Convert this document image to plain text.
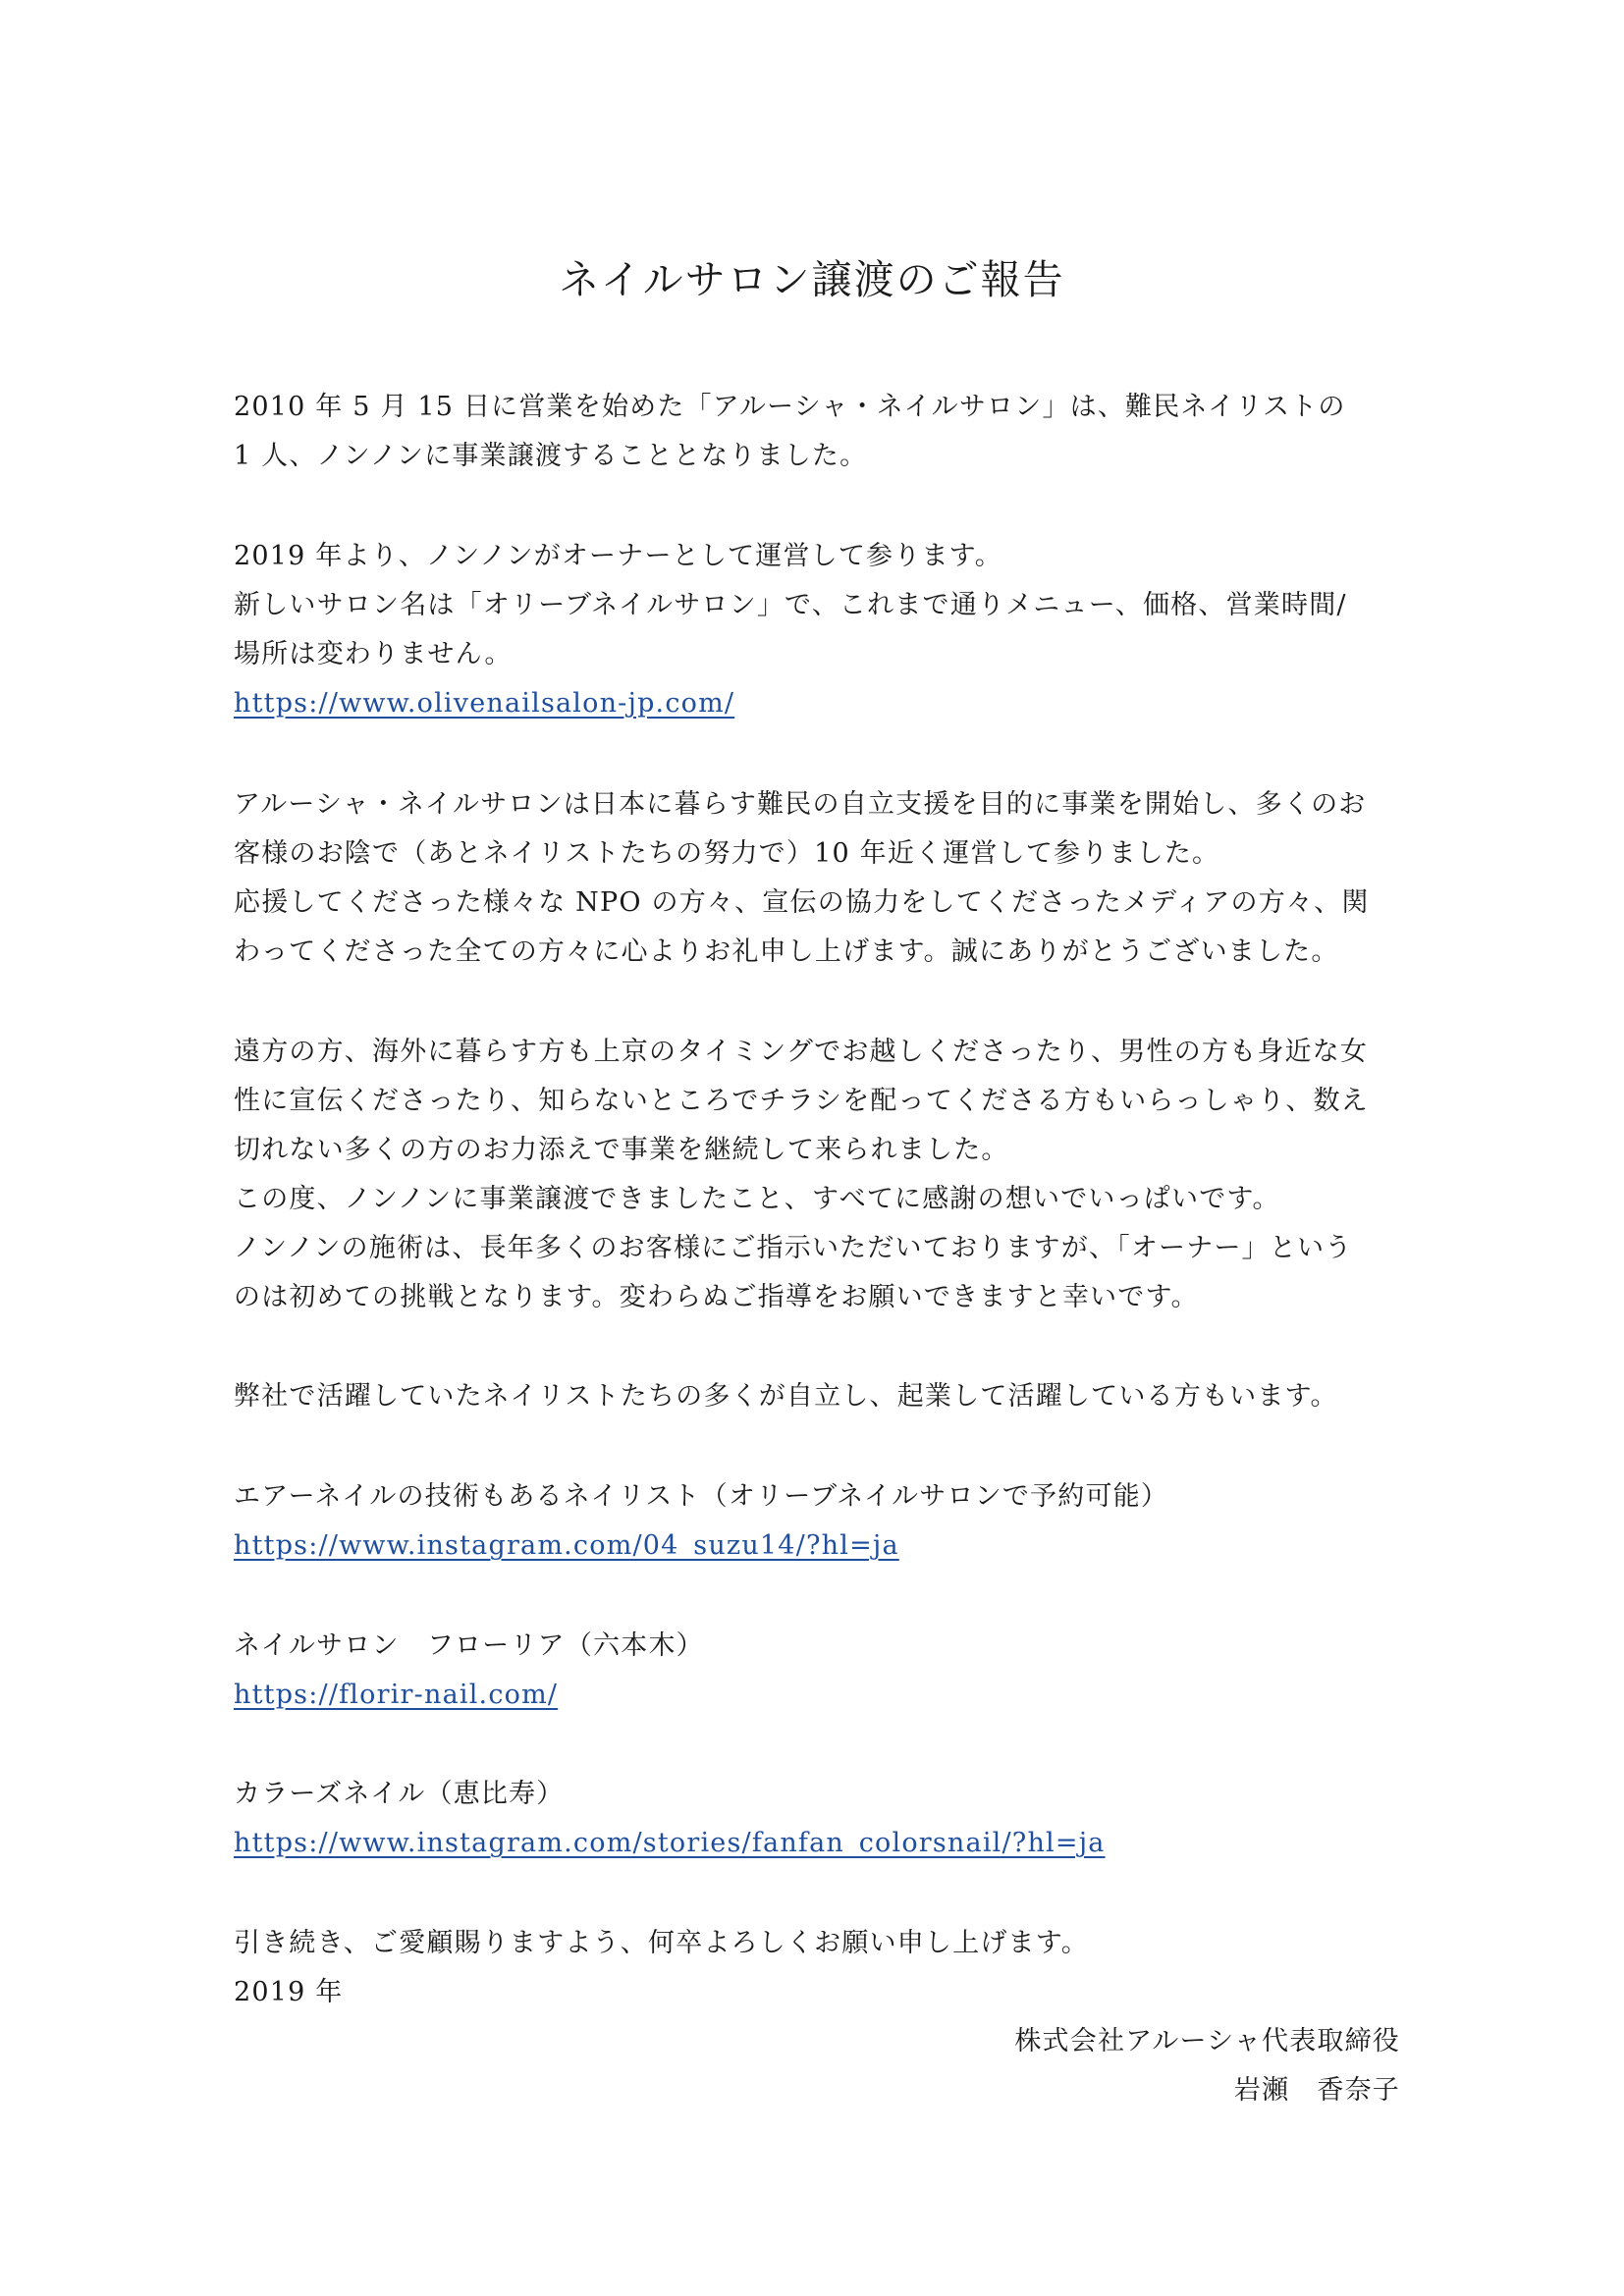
ネイルサロン譲渡のご報告
2010 年 5 月 15 日に営業を始めた「アルーシャ・ネイルサロン」は、難民ネイリストの
1 人、ノンノンに事業譲渡することとなりました。
2019 年より、ノンノンがオーナーとして運営して参ります。
新しいサロン名は「オリーブネイルサロン」で、これまで通りメニュー、価格、営業時間/
場所は変わりません。
https://www.olivenailsalon-jp.com/
アルーシャ・ネイルサロンは日本に暮らす難民の自立支援を目的に事業を開始し、多くのお
客様のお陰で（あとネイリストたちの努力で）10 年近く運営して参りました。
応援してくださった様々な NPO の方々、宣伝の協力をしてくださったメディアの方々、関
わってくださった全ての方々に心よりお礼申し上げます。誠にありがとうございました。
遠方の方、海外に暮らす方も上京のタイミングでお越しくださったり、男性の方も身近な女
性に宣伝くださったり、知らないところでチラシを配ってくださる方もいらっしゃり、数え
切れない多くの方のお力添えで事業を継続して来られました。
この度、ノンノンに事業譲渡できましたこと、すべてに感謝の想いでいっぱいです。
ノンノンの施術は、長年多くのお客様にご指示いただいておりますが、「オーナー」という
のは初めての挑戦となります。変わらぬご指導をお願いできますと幸いです。
弊社で活躍していたネイリストたちの多くが自立し、起業して活躍している方もいます。
エアーネイルの技術もあるネイリスト（オリーブネイルサロンで予約可能）
https://www.instagram.com/04_suzu14/?hl=ja
ネイルサロン　フローリア（六本木）
https://florir-nail.com/
カラーズネイル（恵比寿）
https://www.instagram.com/stories/fanfan_colorsnail/?hl=ja
引き続き、ご愛顧賜りますよう、何卒よろしくお願い申し上げます。
2019 年
株式会社アルーシャ代表取締役
岩瀬　香奈子
